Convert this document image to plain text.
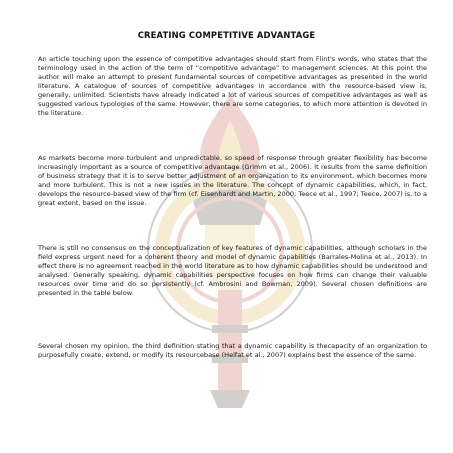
CREATING COMPETITIVE ADVANTAGE

An article touching upon the essence of competitive advantages should start from Flint's words, who states that the terminology used in the action of the term of “competitive advantage” to management sciences. At this point the author will make an attempt to present fundamental sources of competitive advantages as presented in the world literature. A catalogue of sources of competitive advantages in accordance with the resource-based view is, generally, unlimited. Scientists have already indicated a lot of various sources of competitive advantages as well as suggested various typologies of the same. However, there are some categories, to which more attention is devoted in the literature.

As markets become more turbulent and unpredictable, so speed of response through greater flexibility has become increasingly important as a source of competitive advantage (Grimm et al., 2006). It results from the same definition of business strategy that it is to serve better adjustment of an organization to its environment, which becomes more and more turbulent. This is not a new issues in the literature. The concept of dynamic capabilities, which, in fact, develops the resource-based view of the firm (cf. Eisenhardt and Martin, 2000; Teece et al., 1997; Teece, 2007) is, to a great extent, based on the issue.

There is still no consensus on the conceptualization of key features of dynamic capabilities, although scholars in the field express urgent need for a coherent theory and model of dynamic capabilities (Barrales-Molina et al., 2013). In effect there is no agreement reached in the world literature as to how dynamic capabilities should be understood and analysed. Generally speaking, dynamic capabilities perspective focuses on how firms can change their valuable resources over time and do so persistently (cf. Ambrosini and Bowman, 2009). Several chosen definitions are presented in the table below.

Several chosen my opinion, the third definition stating that a dynamic capability is thecapacity of an organization to purposefully create, extend, or modify its resourcebase (Helfat et al., 2007) explains best the essence of the same.
